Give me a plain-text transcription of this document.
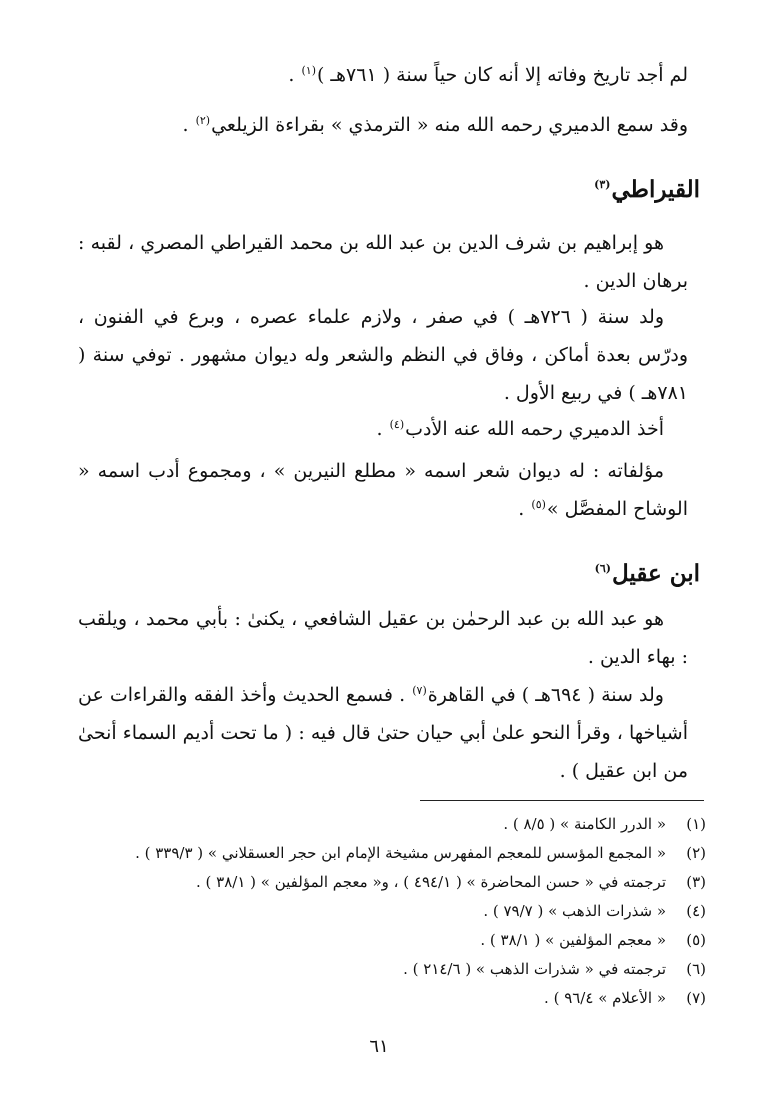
لم أجد تاريخ وفاته إلا أنه كان حياً سنة ( ٧٦١هـ )$^{(١)}$ .
وقد سمع الدميري رحمه الله منه « الترمذي » بقراءة الزيلعي$^{(٢)}$ .
القيراطي$^{(٣)}$
هو إبراهيم بن شرف الدين بن عبد الله بن محمد القيراطي المصري ، لقبه : برهان الدين .
ولد سنة ( ٧٢٦هـ ) في صفر ، ولازم علماء عصره ، وبرع في الفنون ، ودرّس بعدة أماكن ، وفاق في النظم والشعر وله ديوان مشهور . توفي سنة ( ٧٨١هـ ) في ربيع الأول .
أخذ الدميري رحمه الله عنه الأدب$^{(٤)}$ .
مؤلفاته : له ديوان شعر اسمه « مطلع النيرين » ، ومجموع أدب اسمه « الوشاح المفصَّل »$^{(٥)}$ .
ابن عقيل$^{(٦)}$
هو عبد الله بن عبد الرحمٰن بن عقيل الشافعي ، يكنىٰ : بأبي محمد ، ويلقب : بهاء الدين .
ولد سنة ( ٦٩٤هـ ) في القاهرة$^{(٧)}$ . فسمع الحديث وأخذ الفقه والقراءات عن أشياخها ، وقرأ النحو علىٰ أبي حيان حتىٰ قال فيه : ( ما تحت أديم السماء أنحىٰ من ابن عقيل ) .
(١)
« الدرر الكامنة » ( ٨/٥ ) .
(٢)
« المجمع المؤسس للمعجم المفهرس مشيخة الإمام ابن حجر العسقلاني » ( ٣٣٩/٣ ) .
(٣)
ترجمته في « حسن المحاضرة » ( ٤٩٤/١ ) ، و« معجم المؤلفين » ( ٣٨/١ ) .
(٤)
« شذرات الذهب » ( ٧٩/٧ ) .
(٥)
« معجم المؤلفين » ( ٣٨/١ ) .
(٦)
ترجمته في « شذرات الذهب » ( ٢١٤/٦ ) .
(٧)
« الأعلام » ٩٦/٤ ) .
٦١
